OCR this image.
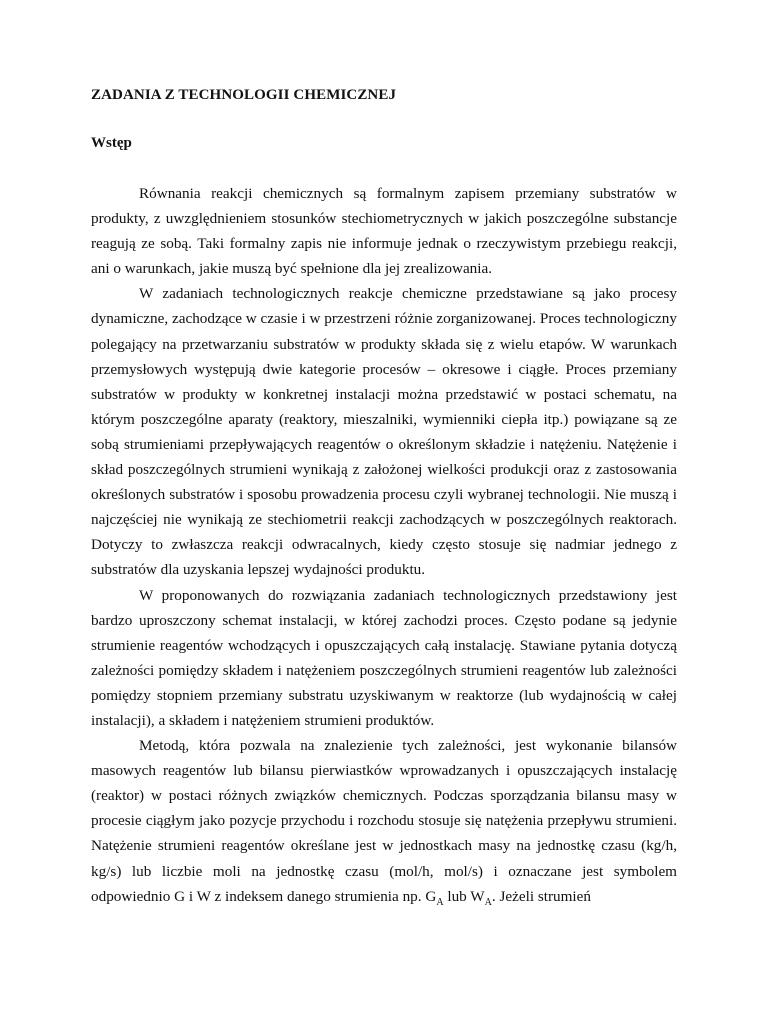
ZADANIA Z TECHNOLOGII CHEMICZNEJ
Wstęp

Równania reakcji chemicznych są formalnym zapisem przemiany substratów w produkty, z uwzględnieniem stosunków stechiometrycznych w jakich poszczególne substancje reagują ze sobą. Taki formalny zapis nie informuje jednak o rzeczywistym przebiegu reakcji, ani o warunkach, jakie muszą być spełnione dla jej zrealizowania.

W zadaniach technologicznych reakcje chemiczne przedstawiane są jako procesy dynamiczne, zachodzące w czasie i w przestrzeni różnie zorganizowanej. Proces technologiczny polegający na przetwarzaniu substratów w produkty składa się z wielu etapów. W warunkach przemysłowych występują dwie kategorie procesów – okresowe i ciągłe. Proces przemiany substratów w produkty w konkretnej instalacji można przedstawić w postaci schematu, na którym poszczególne aparaty (reaktory, mieszalniki, wymienniki ciepła itp.) powiązane są ze sobą strumieniami przepływających reagentów o określonym składzie i natężeniu. Natężenie i skład poszczególnych strumieni wynikają z założonej wielkości produkcji oraz z zastosowania określonych substratów i sposobu prowadzenia procesu czyli wybranej technologii. Nie muszą i najczęściej nie wynikają ze stechiometrii reakcji zachodzących w poszczególnych reaktorach. Dotyczy to zwłaszcza reakcji odwracalnych, kiedy często stosuje się nadmiar jednego z substratów dla uzyskania lepszej wydajności produktu.

W proponowanych do rozwiązania zadaniach technologicznych przedstawiony jest bardzo uproszczony schemat instalacji, w której zachodzi proces. Często podane są jedynie strumienie reagentów wchodzących i opuszczających całą instalację. Stawiane pytania dotyczą zależności pomiędzy składem i natężeniem poszczególnych strumieni reagentów lub zależności pomiędzy stopniem przemiany substratu uzyskiwanym w reaktorze (lub wydajnością w całej instalacji), a składem i natężeniem strumieni produktów.

Metodą, która pozwala na znalezienie tych zależności, jest wykonanie bilansów masowych reagentów lub bilansu pierwiastków wprowadzanych i opuszczających instalację (reaktor) w postaci różnych związków chemicznych. Podczas sporządzania bilansu masy w procesie ciągłym jako pozycje przychodu i rozchodu stosuje się natężenia przepływu strumieni. Natężenie strumieni reagentów określane jest w jednostkach masy na jednostkę czasu (kg/h, kg/s) lub liczbie moli na jednostkę czasu (mol/h, mol/s) i oznaczane jest symbolem odpowiednio G i W z indeksem danego strumienia np. $G_A$ lub $W_A$. Jeżeli strumień
